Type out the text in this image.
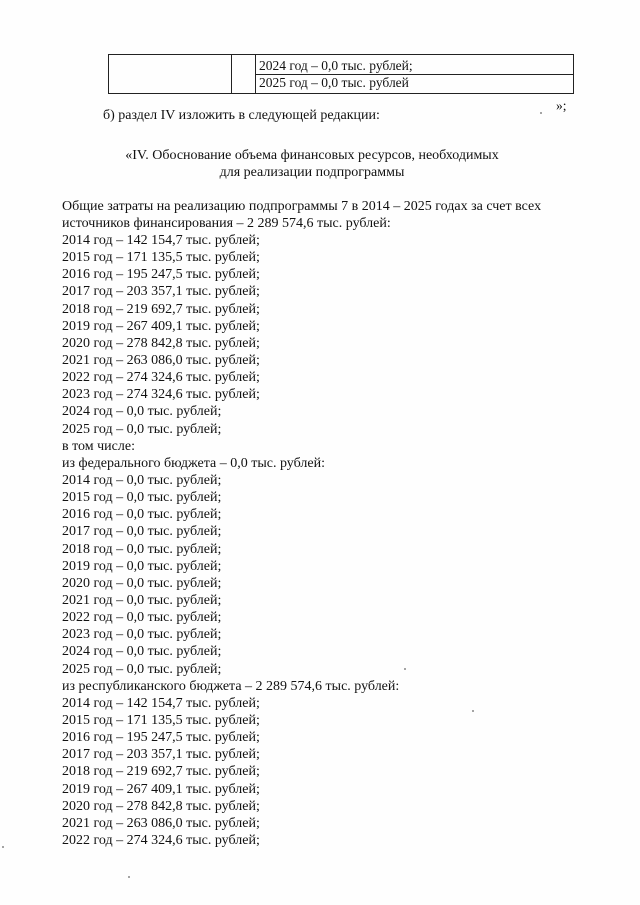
2024 год – 0,0 тыс. рублей;
2025 год – 0,0 тыс. рублей
»;
б) раздел IV изложить в следующей редакции:
«IV. Обоснование объема финансовых ресурсов, необходимых
для реализации подпрограммы
Общие затраты на реализацию подпрограммы 7 в 2014 – 2025 годах за счет всех
источников финансирования – 2 289 574,6 тыс. рублей:
2014 год – 142 154,7 тыс. рублей;
2015 год – 171 135,5 тыс. рублей;
2016 год – 195 247,5 тыс. рублей;
2017 год – 203 357,1 тыс. рублей;
2018 год – 219 692,7 тыс. рублей;
2019 год – 267 409,1 тыс. рублей;
2020 год – 278 842,8 тыс. рублей;
2021 год – 263 086,0 тыс. рублей;
2022 год – 274 324,6 тыс. рублей;
2023 год – 274 324,6 тыс. рублей;
2024 год – 0,0 тыс. рублей;
2025 год – 0,0 тыс. рублей;
в том числе:
из федерального бюджета – 0,0 тыс. рублей:
2014 год – 0,0 тыс. рублей;
2015 год – 0,0 тыс. рублей;
2016 год – 0,0 тыс. рублей;
2017 год – 0,0 тыс. рублей;
2018 год – 0,0 тыс. рублей;
2019 год – 0,0 тыс. рублей;
2020 год – 0,0 тыс. рублей;
2021 год – 0,0 тыс. рублей;
2022 год – 0,0 тыс. рублей;
2023 год – 0,0 тыс. рублей;
2024 год – 0,0 тыс. рублей;
2025 год – 0,0 тыс. рублей;
из республиканского бюджета – 2 289 574,6 тыс. рублей:
2014 год – 142 154,7 тыс. рублей;
2015 год – 171 135,5 тыс. рублей;
2016 год – 195 247,5 тыс. рублей;
2017 год – 203 357,1 тыс. рублей;
2018 год – 219 692,7 тыс. рублей;
2019 год – 267 409,1 тыс. рублей;
2020 год – 278 842,8 тыс. рублей;
2021 год – 263 086,0 тыс. рублей;
2022 год – 274 324,6 тыс. рублей;
